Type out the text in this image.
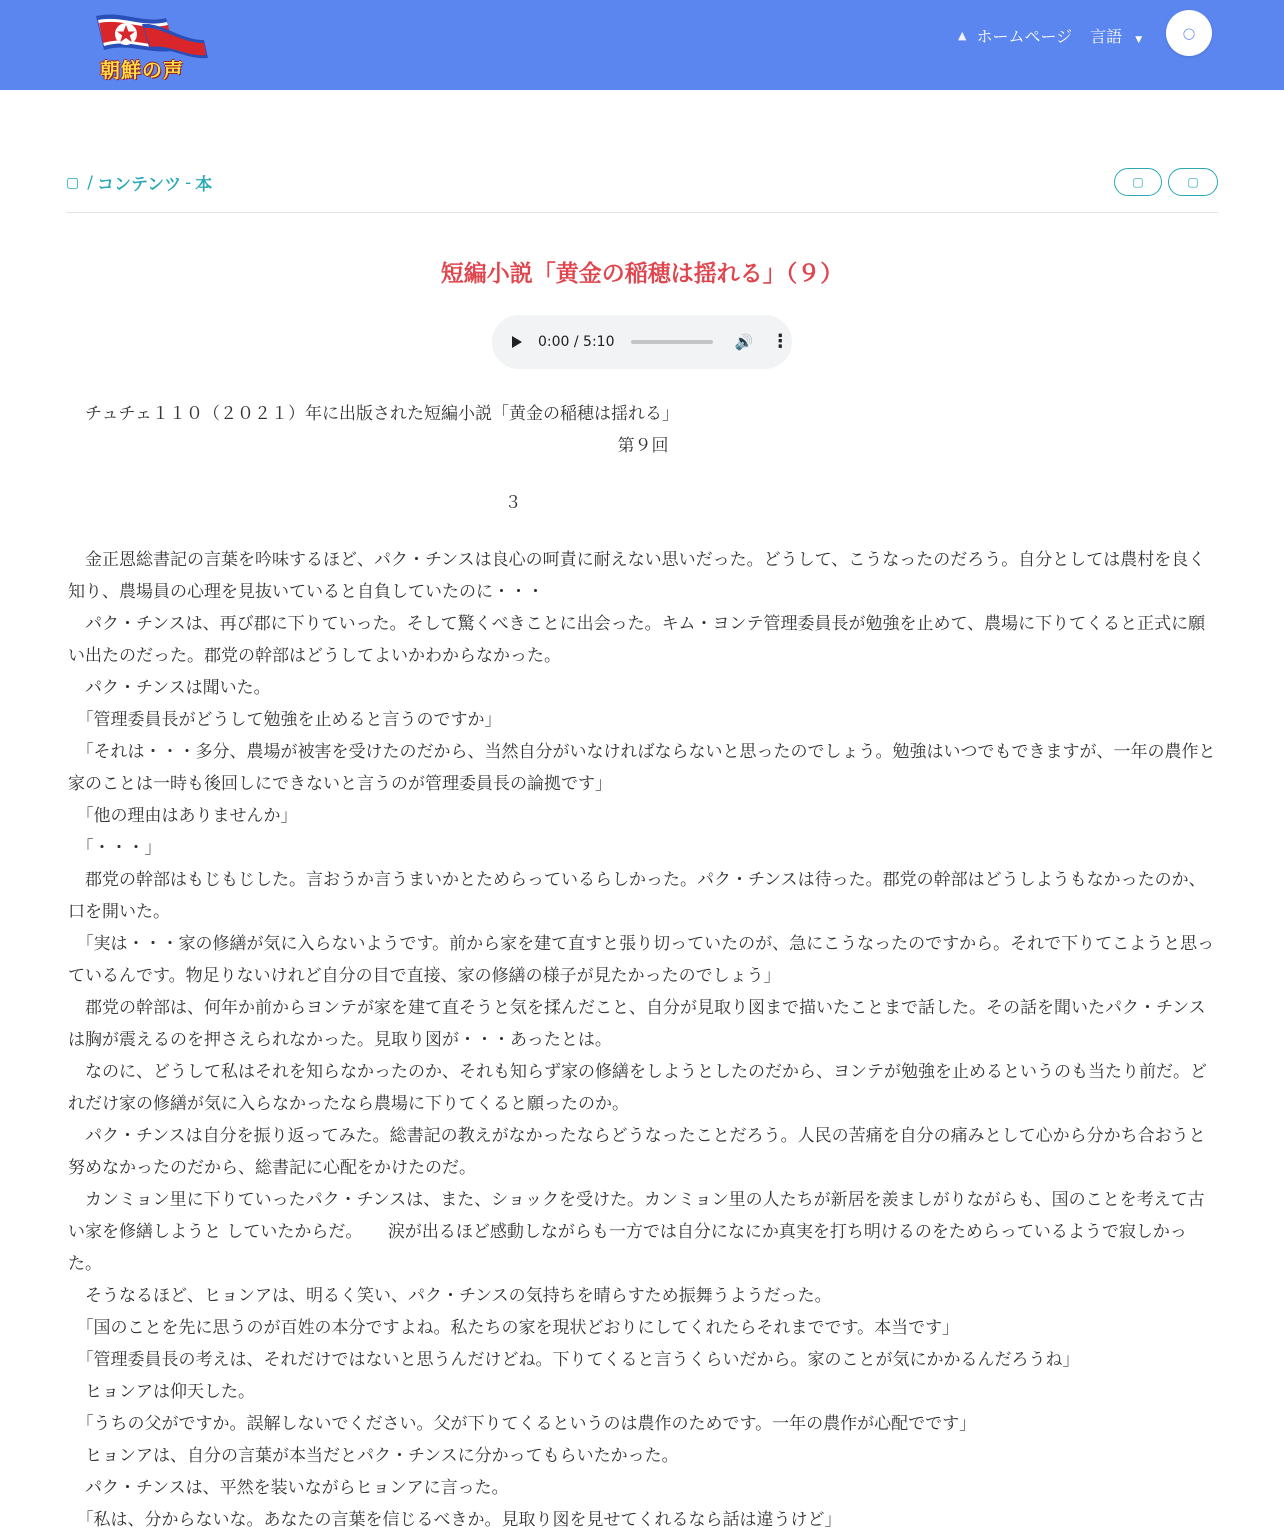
朝鮮の声
▲ ホームページ 言語 ▼	◯
▢ / コンテンツ - 本	▢	▢
短編小説「黄金の稲穂は揺れる」（９）
0:00 / 5:10	🔊 ⋮

　チュチェ１１０（２０２１）年に出版された短編小説「黄金の稲穂は揺れる」

第９回

３

　金正恩総書記の言葉を吟味するほど、パク・チンスは良心の呵責に耐えない思いだった。どうして、こうなったのだろう。自分としては農村を良く知り、農場員の心理を見抜いていると自負していたのに・・・

　パク・チンスは、再び郡に下りていった。そして驚くべきことに出会った。キム・ヨンテ管理委員長が勉強を止めて、農場に下りてくると正式に願い出たのだった。郡党の幹部はどうしてよいかわからなかった。

　パク・チンスは聞いた。

　「管理委員長がどうして勉強を止めると言うのですか」

　「それは・・・多分、農場が被害を受けたのだから、当然自分がいなければならないと思ったのでしょう。勉強はいつでもできますが、一年の農作と家のことは一時も後回しにできないと言うのが管理委員長の論拠です」

　「他の理由はありませんか」

　「・・・」

　郡党の幹部はもじもじした。言おうか言うまいかとためらっているらしかった。パク・チンスは待った。郡党の幹部はどうしようもなかったのか、口を開いた。

　「実は・・・家の修繕が気に入らないようです。前から家を建て直すと張り切っていたのが、急にこうなったのですから。それで下りてこようと思っているんです。物足りないけれど自分の目で直接、家の修繕の様子が見たかったのでしょう」

　郡党の幹部は、何年か前からヨンテが家を建て直そうと気を揉んだこと、自分が見取り図まで描いたことまで話した。その話を聞いたパク・チンスは胸が震えるのを押さえられなかった。見取り図が・・・あったとは。

　なのに、どうして私はそれを知らなかったのか、それも知らず家の修繕をしようとしたのだから、ヨンテが勉強を止めるというのも当たり前だ。どれだけ家の修繕が気に入らなかったなら農場に下りてくると願ったのか。

　パク・チンスは自分を振り返ってみた。総書記の教えがなかったならどうなったことだろう。人民の苦痛を自分の痛みとして心から分かち合おうと努めなかったのだから、総書記に心配をかけたのだ。

　カンミョン里に下りていったパク・チンスは、また、ショックを受けた。カンミョン里の人たちが新居を羨ましがりながらも、国のことを考えて古い家を修繕しようと していたからだ。　　涙が出るほど感動しながらも一方では自分になにか真実を打ち明けるのをためらっているようで寂しかった。

　そうなるほど、ヒョンアは、明るく笑い、パク・チンスの気持ちを晴らすため振舞うようだった。

　「国のことを先に思うのが百姓の本分ですよね。私たちの家を現状どおりにしてくれたらそれまでです。本当です」

　「管理委員長の考えは、それだけではないと思うんだけどね。下りてくると言うくらいだから。家のことが気にかかるんだろうね」

　ヒョンアは仰天した。

　「うちの父がですか。誤解しないでください。父が下りてくるというのは農作のためです。一年の農作が心配でです」

　ヒョンアは、自分の言葉が本当だとパク・チンスに分かってもらいたかった。

　パク・チンスは、平然を装いながらヒョンアに言った。

　「私は、分からないな。あなたの言葉を信じるべきか。見取り図を見せてくれるなら話は違うけど」
